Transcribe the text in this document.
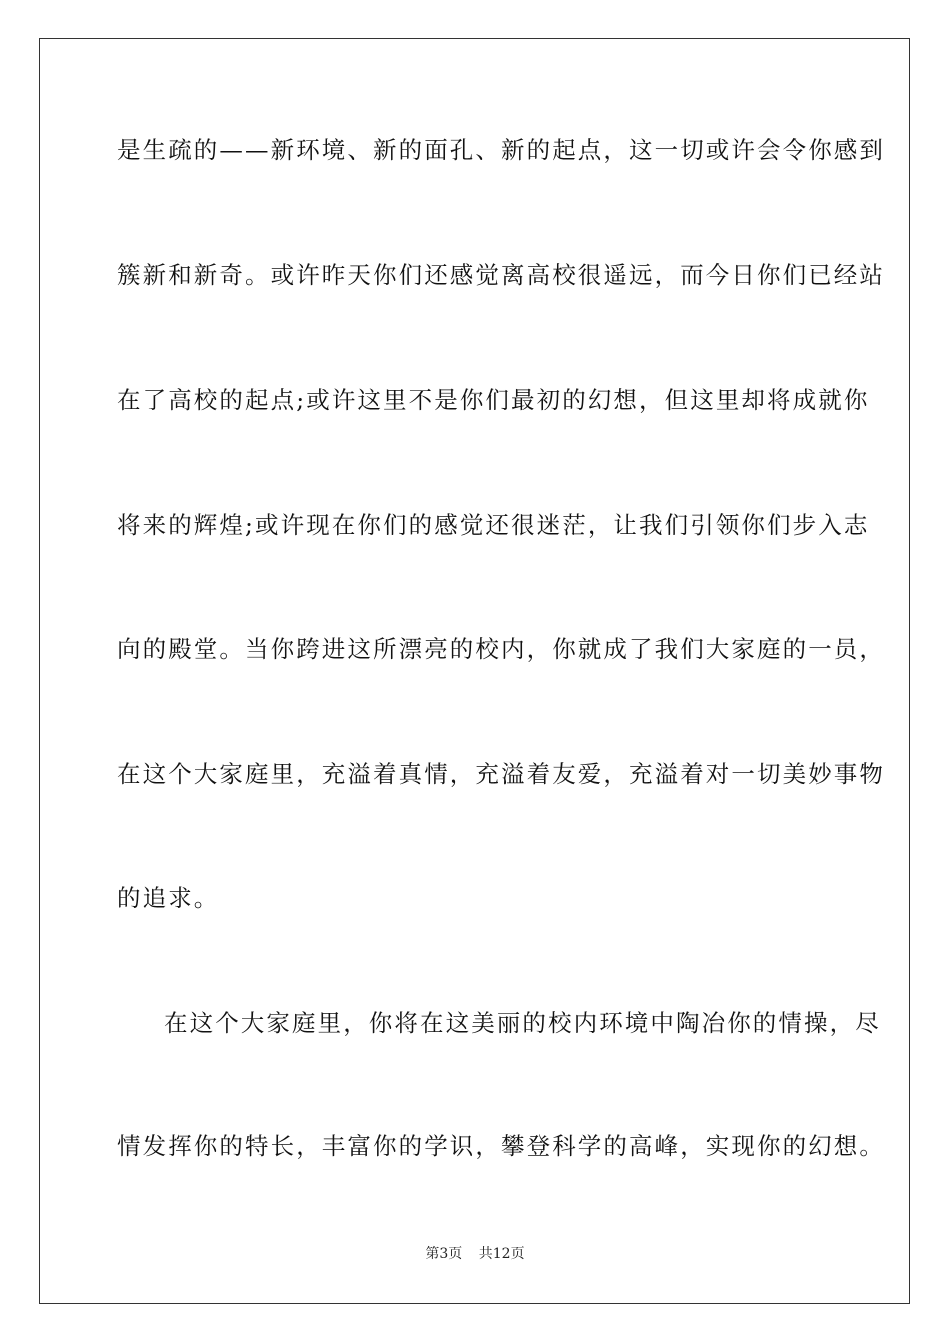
是生疏的——新环境、新的面孔、新的起点，这一切或许会令你感到
簇新和新奇。或许昨天你们还感觉离高校很遥远，而今日你们已经站
在了高校的起点;或许这里不是你们最初的幻想，但这里却将成就你
将来的辉煌;或许现在你们的感觉还很迷茫，让我们引领你们步入志
向的殿堂。当你跨进这所漂亮的校内，你就成了我们大家庭的一员，
在这个大家庭里，充溢着真情，充溢着友爱，充溢着对一切美妙事物
的追求。
在这个大家庭里，你将在这美丽的校内环境中陶冶你的情操，尽
情发挥你的特长，丰富你的学识，攀登科学的高峰，实现你的幻想。
第3页 共12页
